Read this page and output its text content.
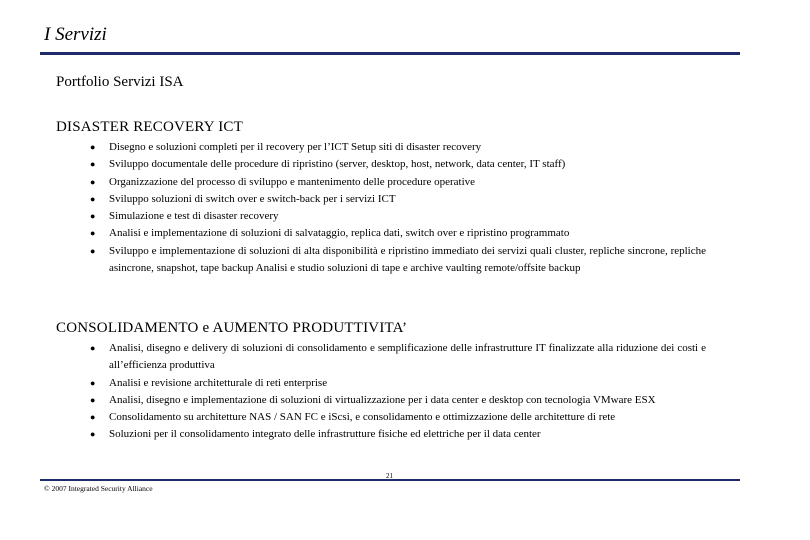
I Servizi
Portfolio Servizi ISA
DISASTER RECOVERY ICT
● Disegno e soluzioni completi per il recovery per l’ICT Setup siti di disaster recovery
● Sviluppo documentale delle procedure di ripristino (server, desktop, host, network, data center, IT staff)
● Organizzazione del processo di sviluppo e mantenimento delle procedure operative
● Sviluppo soluzioni di switch over e switch-back per i servizi ICT
● Simulazione e test di disaster recovery
● Analisi e implementazione di soluzioni di salvataggio, replica dati, switch over e ripristino programmato
● Sviluppo e implementazione di soluzioni di alta disponibilità e ripristino immediato dei servizi quali cluster, repliche sincrone, repliche asincrone, snapshot, tape backup Analisi e studio soluzioni di tape e archive vaulting remote/offsite backup
CONSOLIDAMENTO e AUMENTO PRODUTTIVITA’
● Analisi, disegno e delivery di soluzioni di consolidamento e semplificazione delle infrastrutture IT finalizzate alla riduzione dei costi e all’efficienza produttiva
● Analisi e revisione architetturale di reti enterprise
● Analisi, disegno e implementazione di soluzioni di virtualizzazione per i data center e desktop con tecnologia VMware ESX
● Consolidamento su architetture NAS / SAN FC e iScsi, e consolidamento e ottimizzazione delle architetture di rete
● Soluzioni per il consolidamento integrato delle infrastrutture fisiche ed elettriche per il data center
21
© 2007 Integrated Security Alliance
